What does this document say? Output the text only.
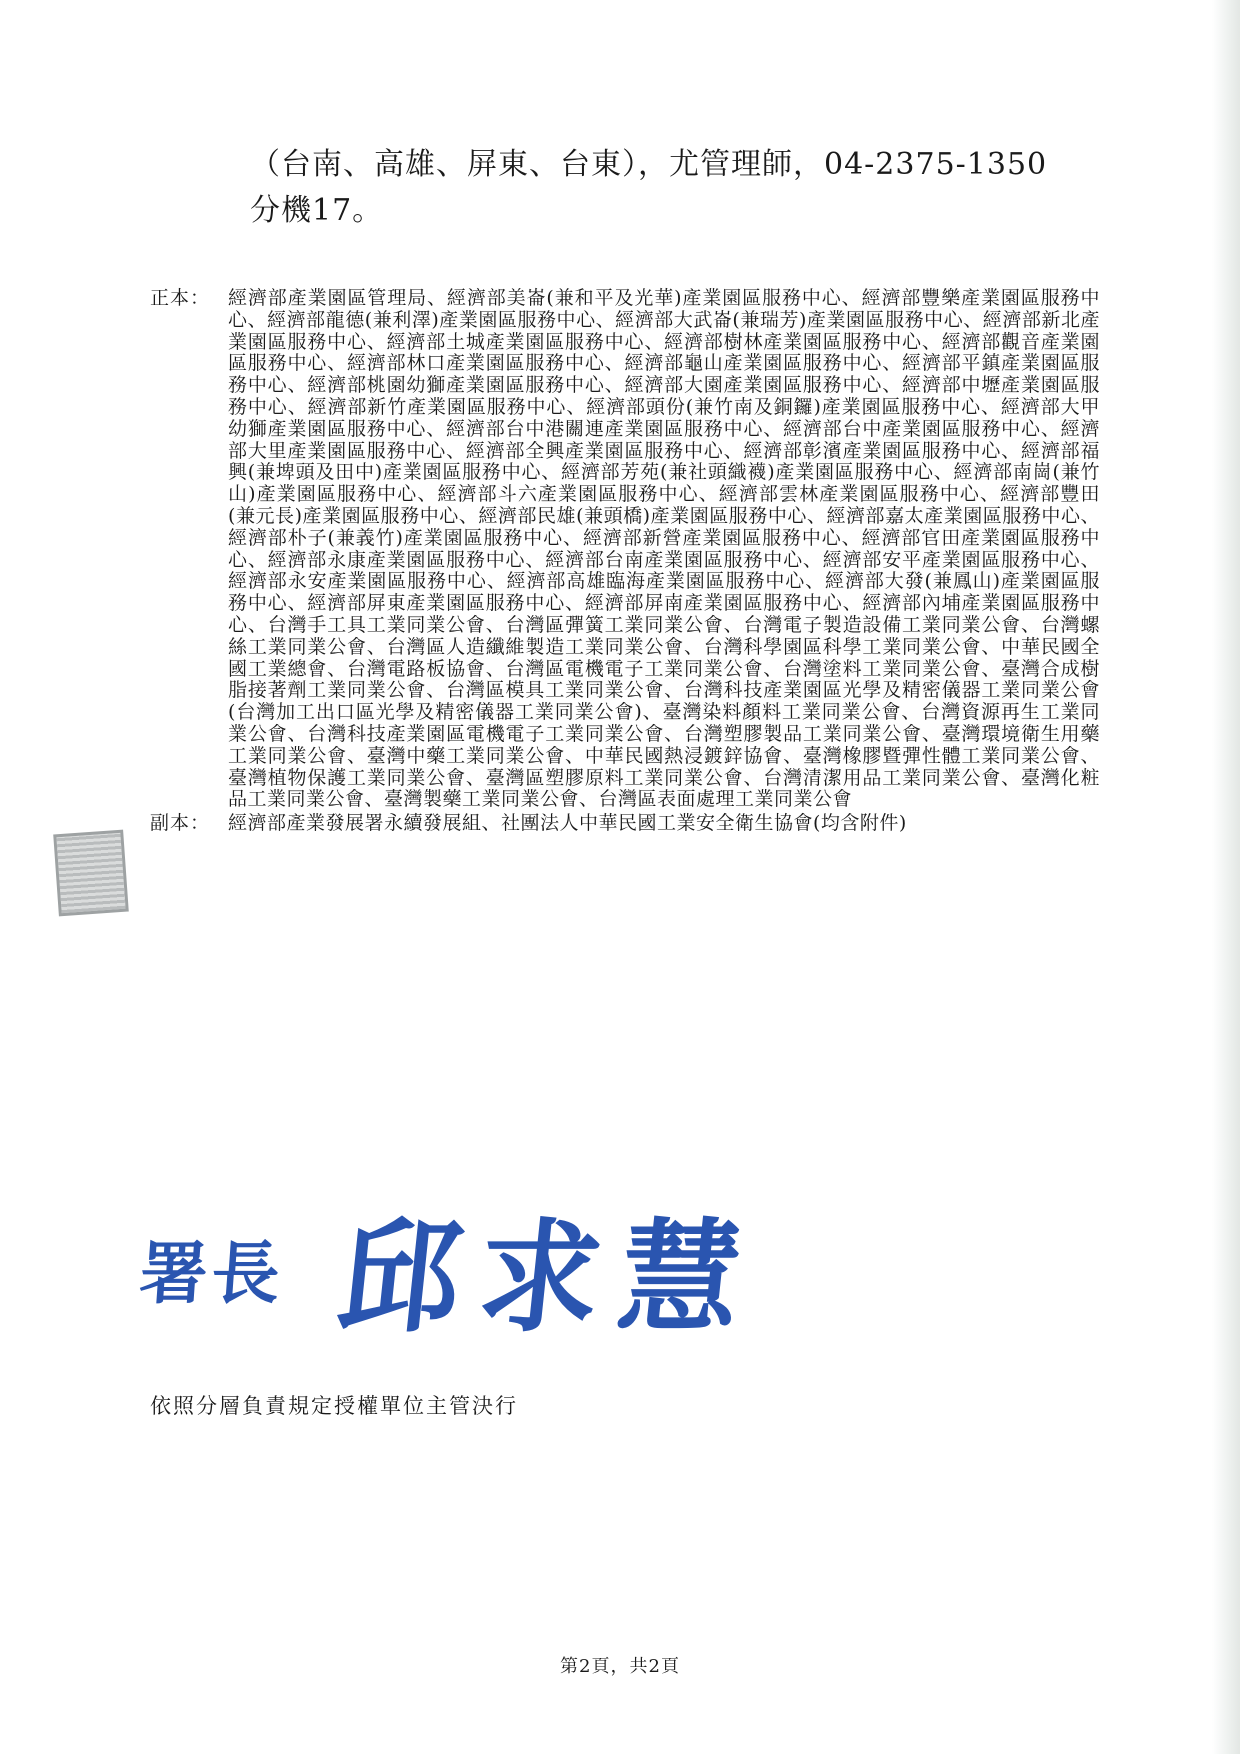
（台南、高雄、屏東、台東），尤管理師，04-2375-1350
分機17。
正本： 經濟部產業園區管理局、經濟部美崙(兼和平及光華)產業園區服務中心、經濟部豐樂產業園區服務中心、經濟部龍德(兼利澤)產業園區服務中心、經濟部大武崙(兼瑞芳)產業園區服務中心、經濟部新北產業園區服務中心、經濟部土城產業園區服務中心、經濟部樹林產業園區服務中心、經濟部觀音產業園區服務中心、經濟部林口產業園區服務中心、經濟部龜山產業園區服務中心、經濟部平鎮產業園區服務中心、經濟部桃園幼獅產業園區服務中心、經濟部大園產業園區服務中心、經濟部中壢產業園區服務中心、經濟部新竹產業園區服務中心、經濟部頭份(兼竹南及銅鑼)產業園區服務中心、經濟部大甲幼獅產業園區服務中心、經濟部台中港關連產業園區服務中心、經濟部台中產業園區服務中心、經濟部大里產業園區服務中心、經濟部全興產業園區服務中心、經濟部彰濱產業園區服務中心、經濟部福興(兼埤頭及田中)產業園區服務中心、經濟部芳苑(兼社頭織襪)產業園區服務中心、經濟部南崗(兼竹山)產業園區服務中心、經濟部斗六產業園區服務中心、經濟部雲林產業園區服務中心、經濟部豐田(兼元長)產業園區服務中心、經濟部民雄(兼頭橋)產業園區服務中心、經濟部嘉太產業園區服務中心、經濟部朴子(兼義竹)產業園區服務中心、經濟部新營產業園區服務中心、經濟部官田產業園區服務中心、經濟部永康產業園區服務中心、經濟部台南產業園區服務中心、經濟部安平產業園區服務中心、經濟部永安產業園區服務中心、經濟部高雄臨海產業園區服務中心、經濟部大發(兼鳳山)產業園區服務中心、經濟部屏東產業園區服務中心、經濟部屏南產業園區服務中心、經濟部內埔產業園區服務中心、台灣手工具工業同業公會、台灣區彈簧工業同業公會、台灣電子製造設備工業同業公會、台灣螺絲工業同業公會、台灣區人造纖維製造工業同業公會、台灣科學園區科學工業同業公會、中華民國全國工業總會、台灣電路板協會、台灣區電機電子工業同業公會、台灣塗料工業同業公會、臺灣合成樹脂接著劑工業同業公會、台灣區模具工業同業公會、台灣科技產業園區光學及精密儀器工業同業公會(台灣加工出口區光學及精密儀器工業同業公會)、臺灣染料顏料工業同業公會、台灣資源再生工業同業公會、台灣科技產業園區電機電子工業同業公會、台灣塑膠製品工業同業公會、臺灣環境衛生用藥工業同業公會、臺灣中藥工業同業公會、中華民國熱浸鍍鋅協會、臺灣橡膠暨彈性體工業同業公會、臺灣植物保護工業同業公會、臺灣區塑膠原料工業同業公會、台灣清潔用品工業同業公會、臺灣化粧品工業同業公會、臺灣製藥工業同業公會、台灣區表面處理工業同業公會
副本： 經濟部產業發展署永續發展組、社團法人中華民國工業安全衛生協會(均含附件)
署長 邱求慧
依照分層負責規定授權單位主管決行
第2頁，共2頁
